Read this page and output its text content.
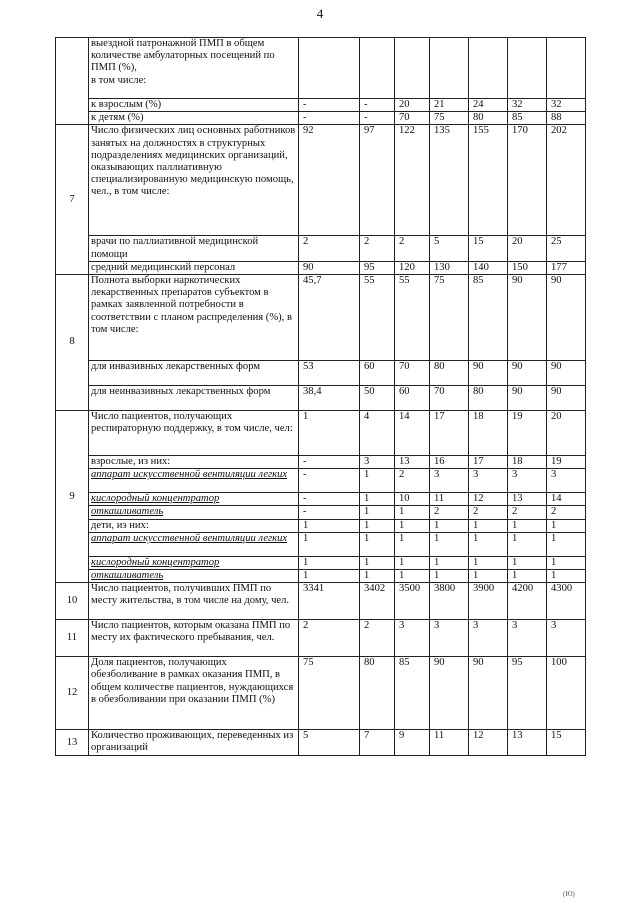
4
	выездной патронажной ПМП в общем количестве амбулаторных посещений по ПМП (%),
в том числе:							
	к взрослым (%)	-	-	20	21	24	32	32
	к детям (%)	-	-	70	75	80	85	88
7	Число физических лиц основных работников занятых на должностях в структурных подразделениях медицинских организаций, оказывающих паллиативную специализированную медицинскую помощь, чел., в том числе:	92	97	122	135	155	170	202
	врачи по паллиативной медицинской помощи	2	2	2	5	15	20	25
	средний медицинский персонал	90	95	120	130	140	150	177
8	Полнота выборки наркотических лекарственных препаратов субъектом в рамках заявленной потребности в соответствии с планом распределения (%), в том числе:	45,7	55	55	75	85	90	90
	для инвазивных лекарственных форм	53	60	70	80	90	90	90
	для неинвазивных лекарственных форм	38,4	50	60	70	80	90	90
9	Число пациентов, получающих респираторную поддержку, в том числе, чел:	1	4	14	17	18	19	20
	взрослые, из них:	-	3	13	16	17	18	19
	аппарат искусственной вентиляции легких	-	1	2	3	3	3	3
	кислородный концентратор	-	1	10	11	12	13	14
	откашливатель	-	1	1	2	2	2	2
	дети, из них:	1	1	1	1	1	1	1
	аппарат искусственной вентиляции легких	1	1	1	1	1	1	1
	кислородный концентратор	1	1	1	1	1	1	1
	откашливатель	1	1	1	1	1	1	1
10	Число пациентов, получивших ПМП по месту жительства, в том числе на дому, чел.	3341	3402	3500	3800	3900	4200	4300
11	Число пациентов, которым оказана ПМП по месту их фактического пребывания, чел.	2	2	3	3	3	3	3
12	Доля пациентов, получающих обезболивание в рамках оказания ПМП, в общем количестве пациентов, нуждающихся в обезболивании при оказании ПМП (%)	75	80	85	90	90	95	100
13	Количество проживающих, переведенных из организаций	5	7	9	11	12	13	15
(Ю)
